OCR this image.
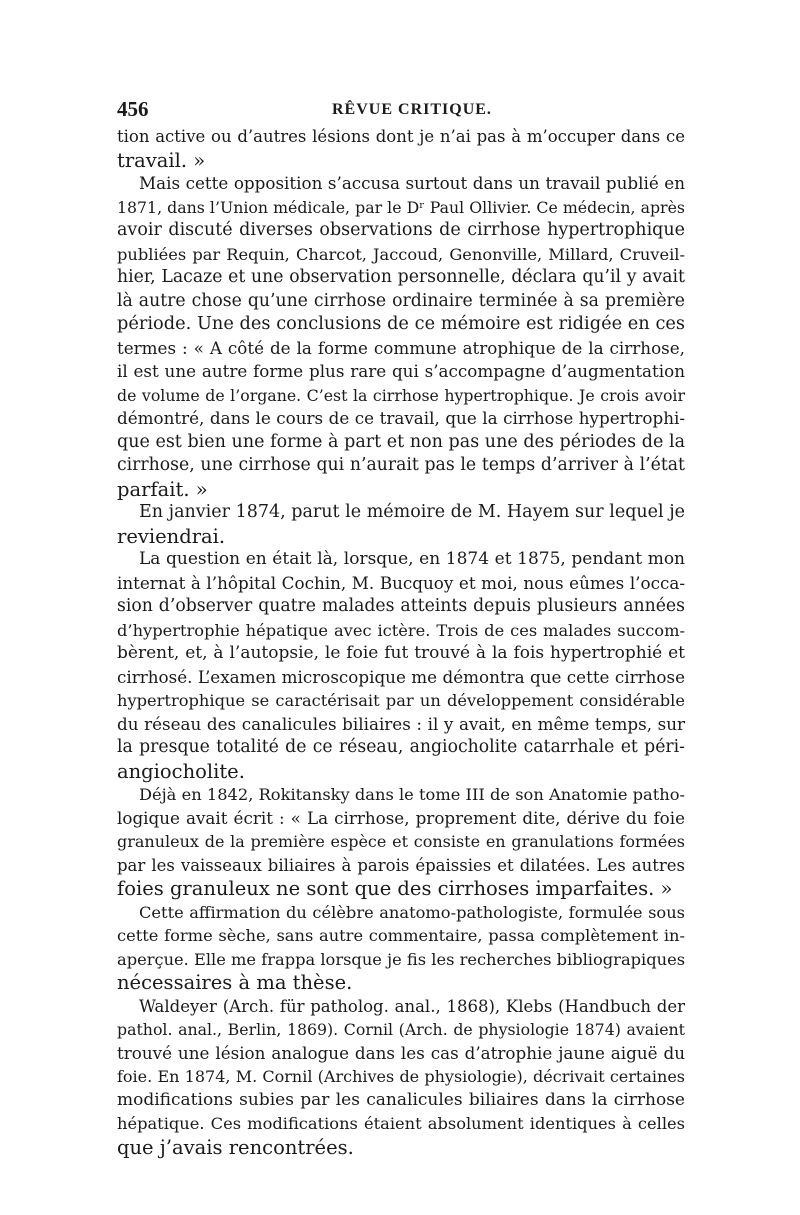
456	RÊVUE CRITIQUE.
tion active ou d’autres lésions dont je n’ai pas à m’occuper dans ce
travail. »
Mais cette opposition s’accusa surtout dans un travail publié en
1871, dans l’Union médicale, par le Dʳ Paul Ollivier. Ce médecin, après
avoir discuté diverses observations de cirrhose hypertrophique
publiées par Requin, Charcot, Jaccoud, Genonville, Millard, Cruveil-
hier, Lacaze et une observation personnelle, déclara qu’il y avait
là autre chose qu’une cirrhose ordinaire terminée à sa première
période. Une des conclusions de ce mémoire est ridigée en ces
termes : « A côté de la forme commune atrophique de la cirrhose,
il est une autre forme plus rare qui s’accompagne d’augmentation
de volume de l’organe. C’est la cirrhose hypertrophique. Je crois avoir
démontré, dans le cours de ce travail, que la cirrhose hypertrophi-
que est bien une forme à part et non pas une des périodes de la
cirrhose, une cirrhose qui n’aurait pas le temps d’arriver à l’état
parfait. »
En janvier 1874, parut le mémoire de M. Hayem sur lequel je
reviendrai.
La question en était là, lorsque, en 1874 et 1875, pendant mon
internat à l’hôpital Cochin, M. Bucquoy et moi, nous eûmes l’occa-
sion d’observer quatre malades atteints depuis plusieurs années
d’hypertrophie hépatique avec ictère. Trois de ces malades succom-
bèrent, et, à l’autopsie, le foie fut trouvé à la fois hypertrophié et
cirrhosé. L’examen microscopique me démontra que cette cirrhose
hypertrophique se caractérisait par un développement considérable
du réseau des canalicules biliaires : il y avait, en même temps, sur
la presque totalité de ce réseau, angiocholite catarrhale et péri-
angiocholite.
Déjà en 1842, Rokitansky dans le tome III de son Anatomie patho-
logique avait écrit : « La cirrhose, proprement dite, dérive du foie
granuleux de la première espèce et consiste en granulations formées
par les vaisseaux biliaires à parois épaissies et dilatées. Les autres
foies granuleux ne sont que des cirrhoses imparfaites. »
Cette affirmation du célèbre anatomo-pathologiste, formulée sous
cette forme sèche, sans autre commentaire, passa complètement in-
aperçue. Elle me frappa lorsque je fis les recherches bibliograpiques
nécessaires à ma thèse.
Waldeyer (Arch. für patholog. anal., 1868), Klebs (Handbuch der
pathol. anal., Berlin, 1869). Cornil (Arch. de physiologie 1874) avaient
trouvé une lésion analogue dans les cas d’atrophie jaune aiguë du
foie. En 1874, M. Cornil (Archives de physiologie), décrivait certaines
modifications subies par les canalicules biliaires dans la cirrhose
hépatique. Ces modifications étaient absolument identiques à celles
que j’avais rencontrées.
